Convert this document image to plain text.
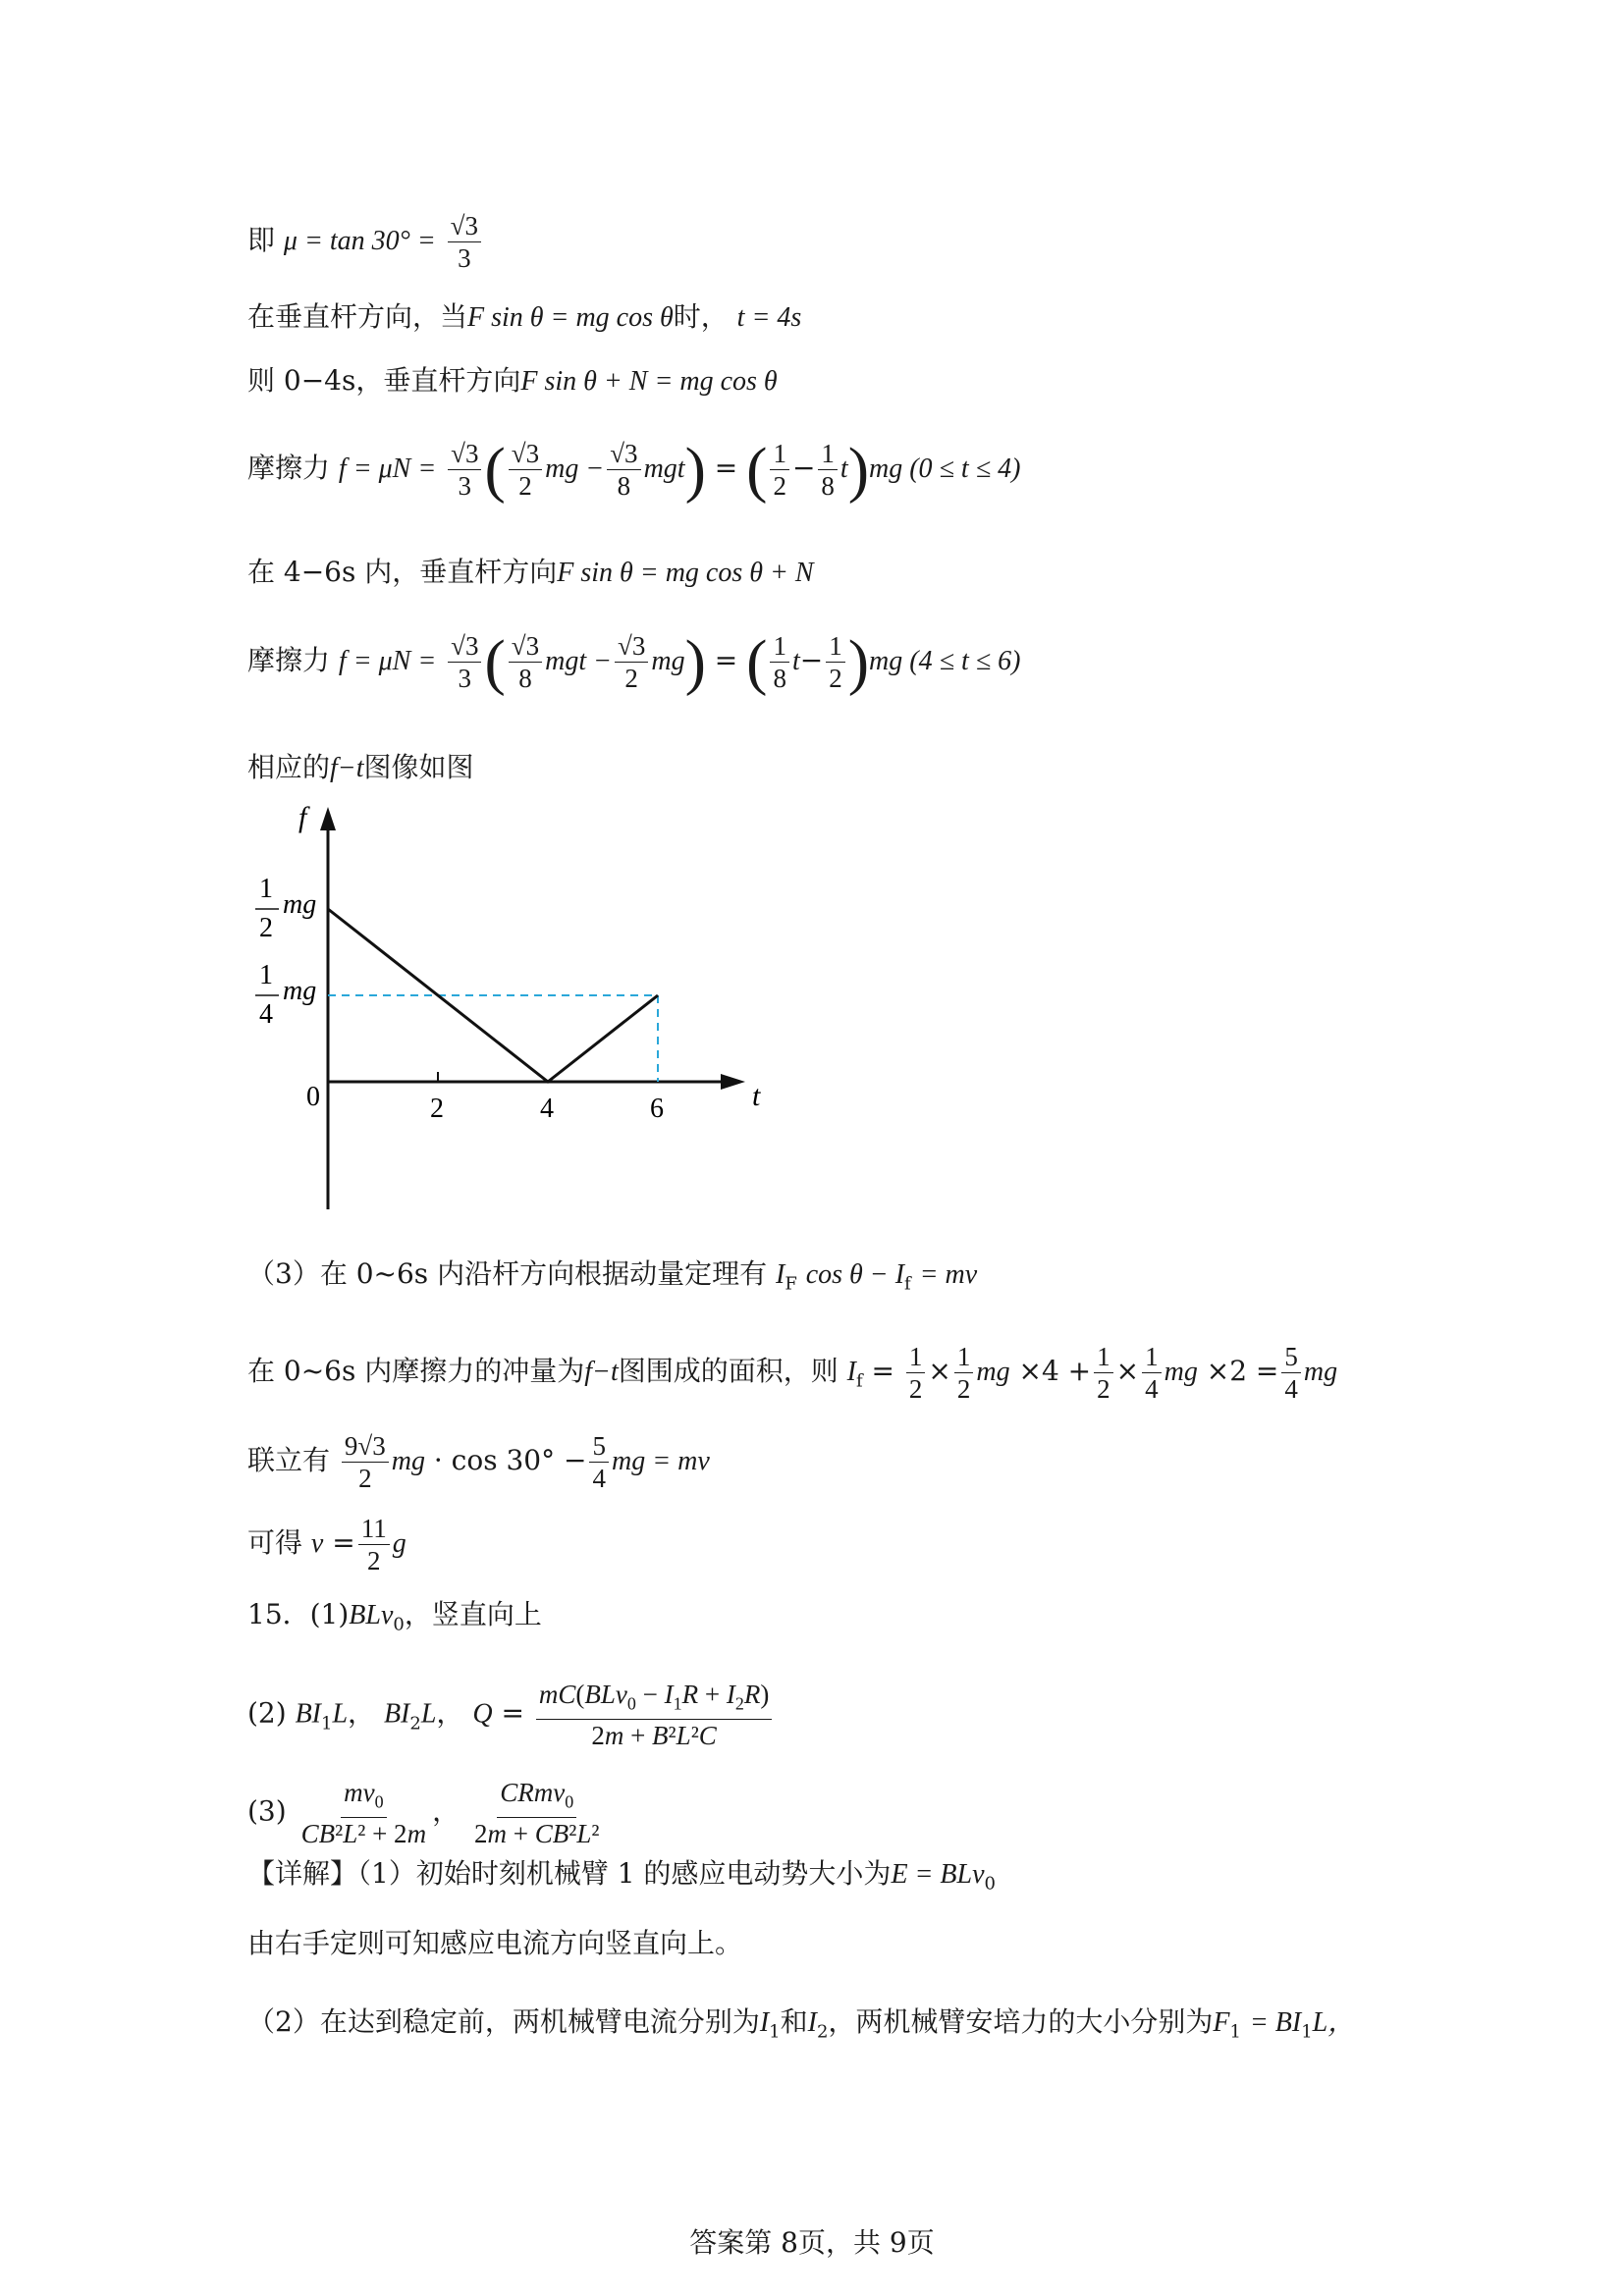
即 $\mu = \tan 30^\circ = \frac{√3}{3}$
在垂直杆方向，当F sin θ = mg cos θ时， t = 4s
则 0−4s，垂直杆方向F sin θ + N = mg cos θ
摩擦力 $f = \mu N = \frac{√3}{3}$ ( $\frac{√3}{2}$ mg − $\frac{√3}{8} mgt$) = ( $\frac{1}{2} - \frac{1}{8} t)mg$ (0 ≤ t ≤ 4)
在 4−6s 内，垂直杆方向F sin θ = mg cos θ + N
摩擦力 $f = \mu N = \frac{√3}{3}$ ( $\frac{√3}{8}$ mgt − $\frac{√3}{2} mg$) = ( $\frac{1}{8} t- \frac{1}{2} )mg$ (4 ≤ t ≤ 6)
相应的f−t图像如图
f
t
0	2	4	6
1
2
mg
1
4
mg
（3）在 0~6s 内沿杆方向根据动量定理有 $I_F$ $\cos \theta - I_f$ = mv
在 0~6s 内摩擦力的冲量为f−t图围成的面积，则 $I_f = \frac{1}{2} \times \frac{1}{2}$ mg $\times 4 + \frac{1}{2} \times \frac{1}{4}$ mg $\times 2 = \frac{5}{4}$ mg
联立有 $\frac{9√3}{2}$ mg · $\cos 30^\circ - \frac{5}{4}$ mg = mv
可得 $v = \frac{11}{2}$ g
15．(1)BLv$_0$，竖直向上
(2) $BI_1L$， $BI_2L$， $Q = \frac{mC(BLv_0 - I_1R + I_2R)}{\text{2m + B²L²C}}$
$(3) \frac{mv_0}{\text{CB²L² + 2m}}$ ， $\frac{CRmv_0}{\text{2m + CB²L²}}$
【详解】（1）初始时刻机械臂 1 的感应电动势大小为E = BLv$_0$
由右手定则可知感应电流方向竖直向上。
（2）在达到稳定前，两机械臂电流分别为$I_1$和$I_2$，两机械臂安培力的大小分别为$F_1 = BI_1L$，
答案第 8页，共 9页
